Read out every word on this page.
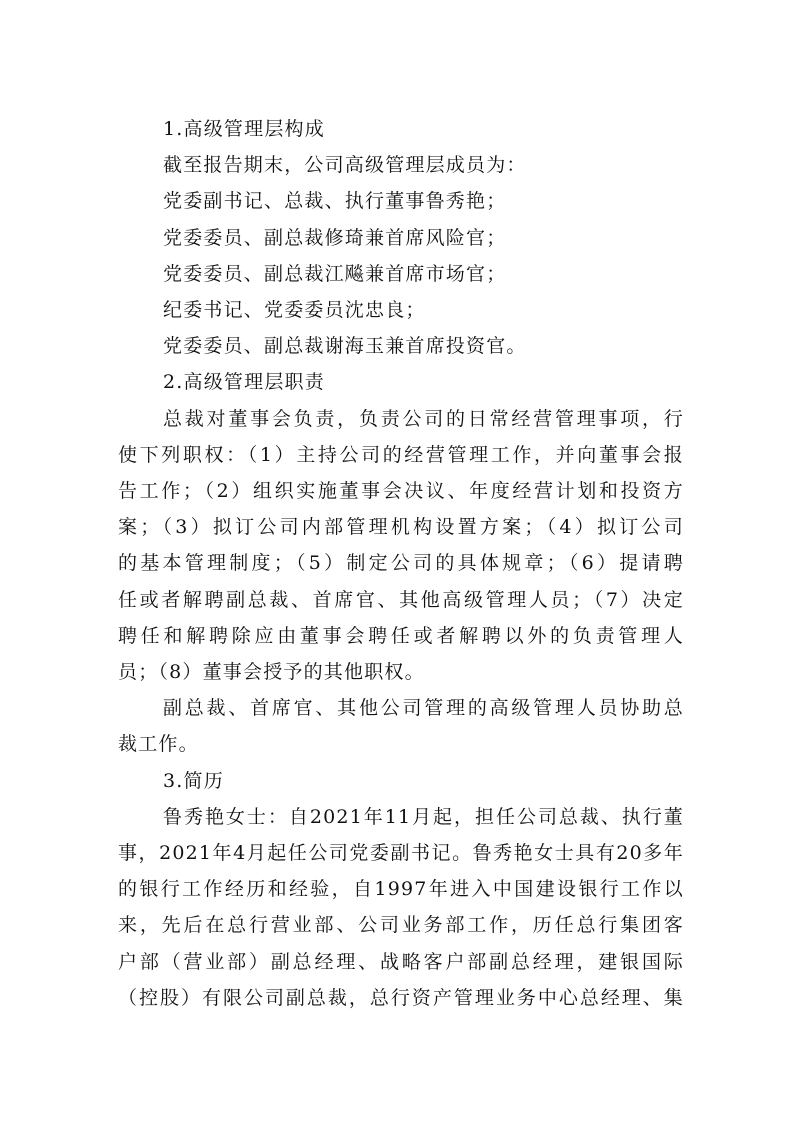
1.高级管理层构成

截至报告期末，公司高级管理层成员为：

党委副书记、总裁、执行董事鲁秀艳；

党委委员、副总裁修琦兼首席风险官；

党委委员、副总裁江飚兼首席市场官；

纪委书记、党委委员沈忠良；

党委委员、副总裁谢海玉兼首席投资官。

2.高级管理层职责

总裁对董事会负责，负责公司的日常经营管理事项，行

使下列职权：（1）主持公司的经营管理工作，并向董事会报

告工作；（2）组织实施董事会决议、年度经营计划和投资方

案；（3）拟订公司内部管理机构设置方案；（4）拟订公司

的基本管理制度；（5）制定公司的具体规章；（6）提请聘

任或者解聘副总裁、首席官、其他高级管理人员；（7）决定

聘任和解聘除应由董事会聘任或者解聘以外的负责管理人

员；（8）董事会授予的其他职权。

副总裁、首席官、其他公司管理的高级管理人员协助总

裁工作。

3.简历

鲁秀艳女士：自2021年11月起，担任公司总裁、执行董

事，2021年4月起任公司党委副书记。鲁秀艳女士具有20多年

的银行工作经历和经验，自1997年进入中国建设银行工作以

来，先后在总行营业部、公司业务部工作，历任总行集团客

户部（营业部）副总经理、战略客户部副总经理，建银国际

（控股）有限公司副总裁，总行资产管理业务中心总经理、集
